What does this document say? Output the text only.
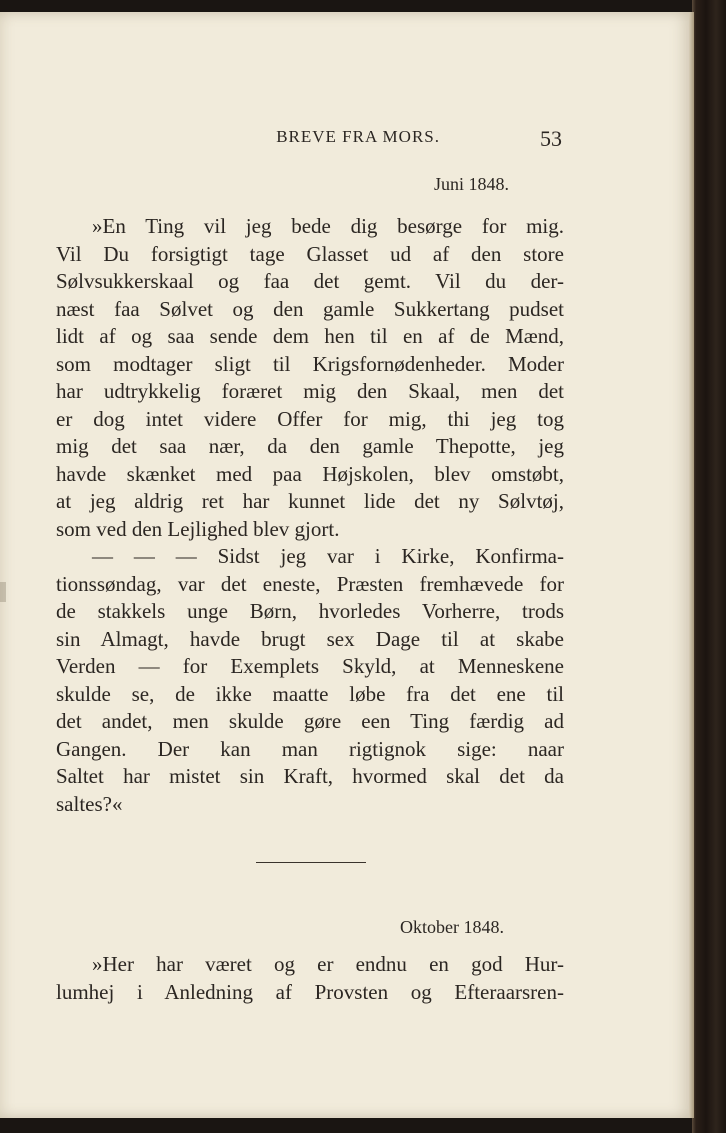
BREVE FRA MORS.	53
Juni 1848.
»En Ting vil jeg bede dig besørge for mig.
Vil Du forsigtigt tage Glasset ud af den store
Sølvsukkerskaal og faa det gemt. Vil du der-
næst faa Sølvet og den gamle Sukkertang pudset
lidt af og saa sende dem hen til en af de Mænd,
som modtager sligt til Krigsfornødenheder. Moder
har udtrykkelig foræret mig den Skaal, men det
er dog intet videre Offer for mig, thi jeg tog
mig det saa nær, da den gamle Thepotte, jeg
havde skænket med paa Højskolen, blev omstøbt,
at jeg aldrig ret har kunnet lide det ny Sølvtøj,
som ved den Lejlighed blev gjort.
— — — Sidst jeg var i Kirke, Konfirma-
tionssøndag, var det eneste, Præsten fremhævede for
de stakkels unge Børn, hvorledes Vorherre, trods
sin Almagt, havde brugt sex Dage til at skabe
Verden — for Exemplets Skyld, at Menneskene
skulde se, de ikke maatte løbe fra det ene til
det andet, men skulde gøre een Ting færdig ad
Gangen. Der kan man rigtignok sige: naar
Saltet har mistet sin Kraft, hvormed skal det da
saltes?«
Oktober 1848.
»Her har været og er endnu en god Hur-
lumhej i Anledning af Provsten og Efteraarsren-
